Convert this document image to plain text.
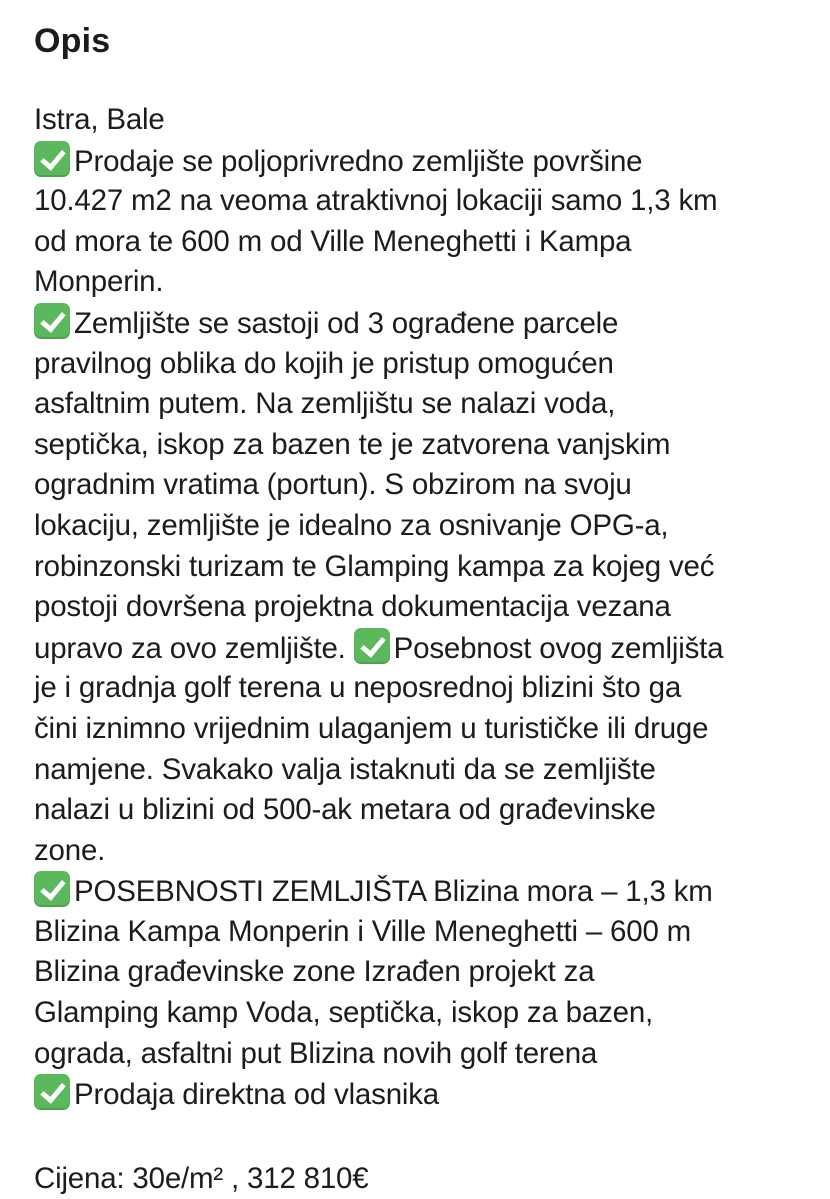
Opis
Istra, Bale
Prodaje se poljoprivredno zemljište površine
10.427 m2 na veoma atraktivnoj lokaciji samo 1,3 km
od mora te 600 m od Ville Meneghetti i Kampa
Monperin.
Zemljište se sastoji od 3 ograđene parcele
pravilnog oblika do kojih je pristup omogućen
asfaltnim putem. Na zemljištu se nalazi voda,
septička, iskop za bazen te je zatvorena vanjskim
ogradnim vratima (portun). S obzirom na svoju
lokaciju, zemljište je idealno za osnivanje OPG-a,
robinzonski turizam te Glamping kampa za kojeg već
postoji dovršena projektna dokumentacija vezana
upravo za ovo zemljište. Posebnost ovog zemljišta
je i gradnja golf terena u neposrednoj blizini što ga
čini iznimno vrijednim ulaganjem u turističke ili druge
namjene. Svakako valja istaknuti da se zemljište
nalazi u blizini od 500-ak metara od građevinske
zone.
POSEBNOSTI ZEMLJIŠTA Blizina mora – 1,3 km
Blizina Kampa Monperin i Ville Meneghetti – 600 m
Blizina građevinske zone Izrađen projekt za
Glamping kamp Voda, septička, iskop za bazen,
ograda, asfaltni put Blizina novih golf terena
Prodaja direktna od vlasnika
Cijena: 30e/m² , 312 810€
